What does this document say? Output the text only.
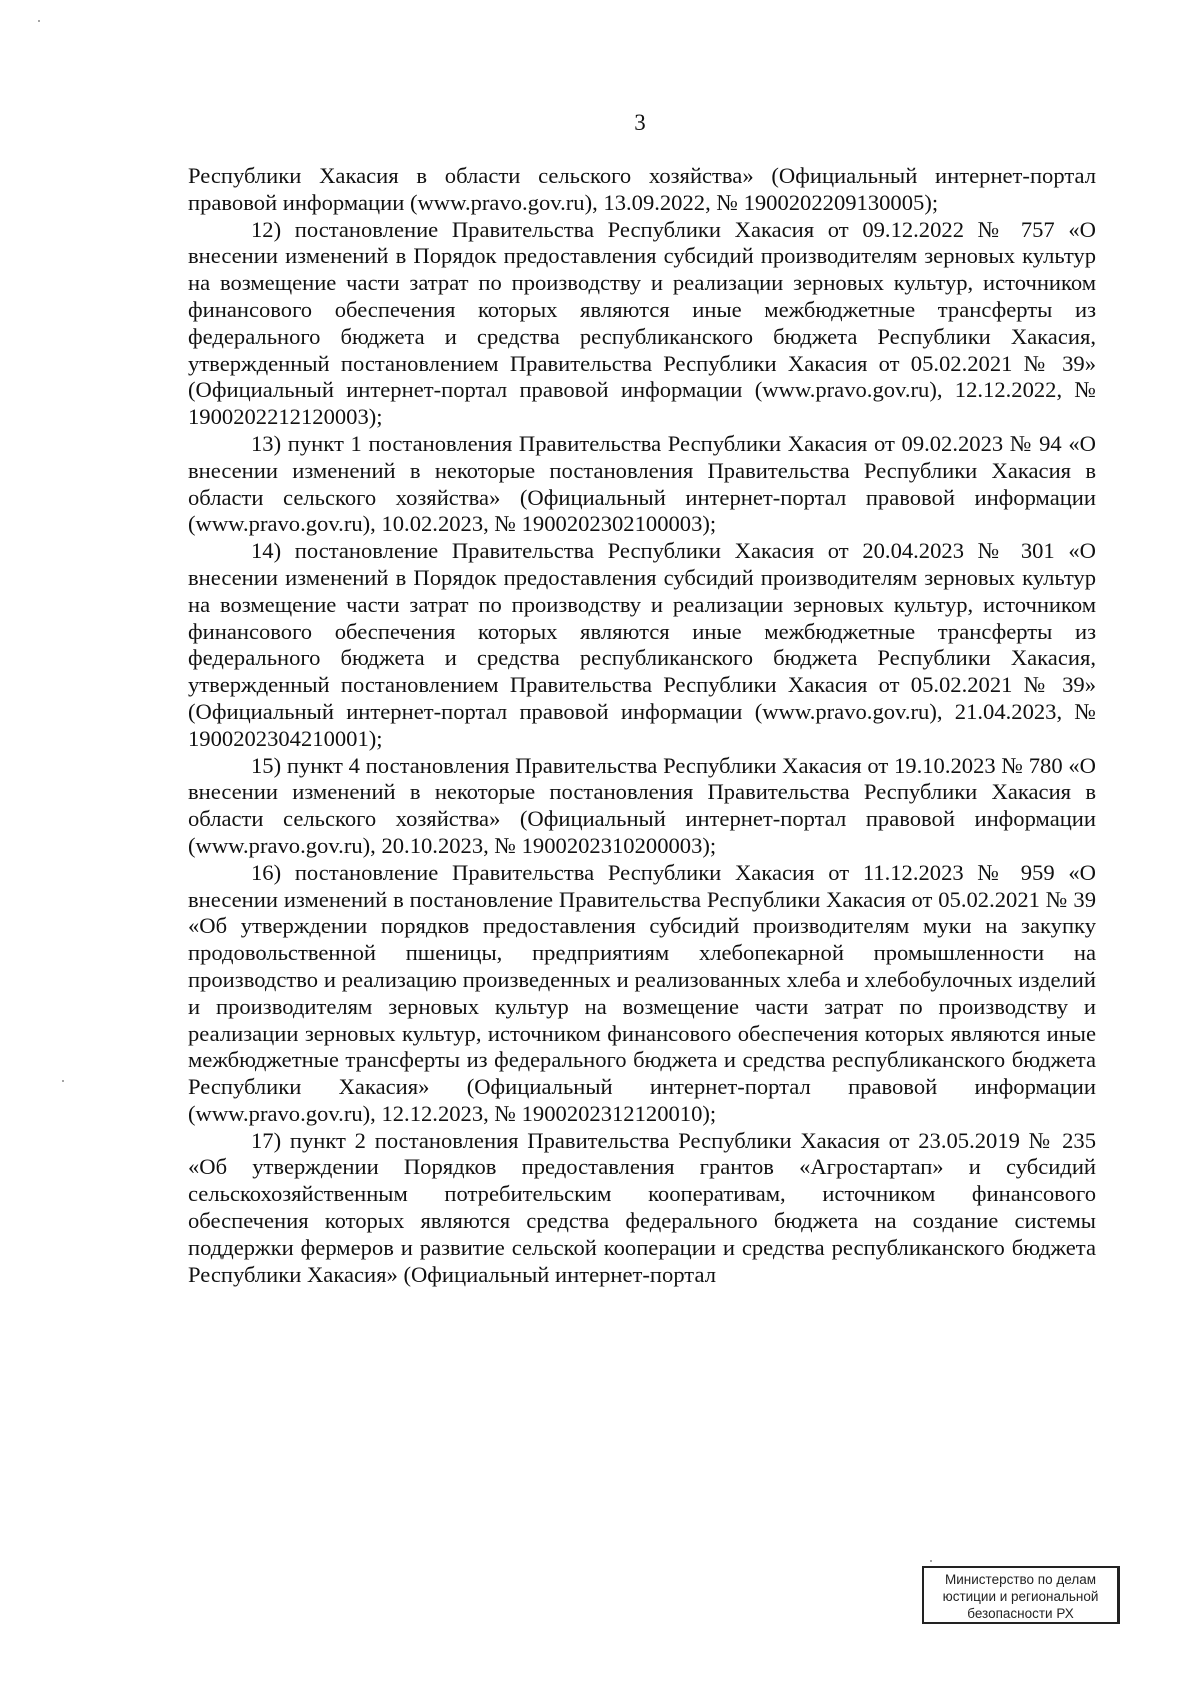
3

Республики Хакасия в области сельского хозяйства» (Официальный интернет-портал правовой информации (www.pravo.gov.ru), 13.09.2022, № 1900202209130005);

12) постановление Правительства Республики Хакасия от 09.12.2022 № 757 «О внесении изменений в Порядок предоставления субсидий производителям зерновых культур на возмещение части затрат по производству и реализации зерновых культур, источником финансового обеспечения которых являются иные межбюджетные трансферты из федерального бюджета и средства республиканского бюджета Республики Хакасия, утвержденный постановлением Правительства Республики Хакасия от 05.02.2021 № 39» (Официальный интернет-портал правовой информации (www.pravo.gov.ru), 12.12.2022, № 1900202212120003);

13) пункт 1 постановления Правительства Республики Хакасия от 09.02.2023 № 94 «О внесении изменений в некоторые постановления Правительства Республики Хакасия в области сельского хозяйства» (Официальный интернет-портал правовой информации (www.pravo.gov.ru), 10.02.2023, № 1900202302100003);

14) постановление Правительства Республики Хакасия от 20.04.2023 № 301 «О внесении изменений в Порядок предоставления субсидий производителям зерновых культур на возмещение части затрат по производству и реализации зерновых культур, источником финансового обеспечения которых являются иные межбюджетные трансферты из федерального бюджета и средства республиканского бюджета Республики Хакасия, утвержденный постановлением Правительства Республики Хакасия от 05.02.2021 № 39» (Официальный интернет-портал правовой информации (www.pravo.gov.ru), 21.04.2023, № 1900202304210001);

15) пункт 4 постановления Правительства Республики Хакасия от 19.10.2023 № 780 «О внесении изменений в некоторые постановления Правительства Республики Хакасия в области сельского хозяйства» (Официальный интернет-портал правовой информации (www.pravo.gov.ru), 20.10.2023, № 1900202310200003);

16) постановление Правительства Республики Хакасия от 11.12.2023 № 959 «О внесении изменений в постановление Правительства Республики Хакасия от 05.02.2021 № 39 «Об утверждении порядков предоставления субсидий производителям муки на закупку продовольственной пшеницы, предприятиям хлебопекарной промышленности на производство и реализацию произведенных и реализованных хлеба и хлебобулочных изделий и производителям зерновых культур на возмещение части затрат по производству и реализации зерновых культур, источником финансового обеспечения которых являются иные межбюджетные трансферты из федерального бюджета и средства республиканского бюджета Республики Хакасия» (Официальный интернет-портал правовой информации (www.pravo.gov.ru), 12.12.2023, № 1900202312120010);

17) пункт 2 постановления Правительства Республики Хакасия от 23.05.2019 № 235 «Об утверждении Порядков предоставления грантов «Агростартап» и субсидий сельскохозяйственным потребительским кооперативам, источником финансового обеспечения которых являются средства федерального бюджета на создание системы поддержки фермеров и развитие сельской кооперации и средства республиканского бюджета Республики Хакасия» (Официальный интернет-портал

Министерство по делам
юстиции и региональной
безопасности РХ
